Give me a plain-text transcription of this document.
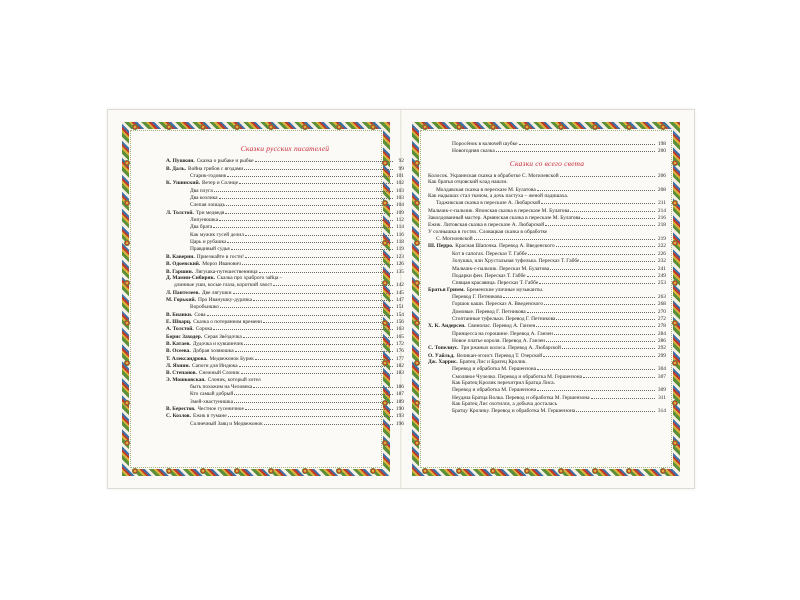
Сказки русских писателей
А. Пушкин. Сказка о рыбаке и рыбке	92
В. Даль. Война грибов с ягодами	99
Старик-годовик	101
К. Ушинский. Ветер и Солнце	102
Два плуга	103
Два козлика	103
Слепая лошадь	104
Л. Толстой. Три медведя	109
Липунюшка	112
Два брата	114
Как мужик гусей делил	116
Царь и рубашка	118
Правдивый судья	119
В. Каверин. Приезжайте в гости!	123
В. Одоевский. Мороз Иванович	126
В. Гаршин. Лягушка-путешественница	135
Д. Мамин-Сибиряк. Сказка про храброго зайца –
длинные уши, косые глаза, короткий хвост	142
Л. Пантелеев. Две лягушки	145
М. Горький. Про Иванушку-дурачка	147
Воробьишко	151
В. Бианки. Сова	154
Е. Шварц. Сказка о потерянном времени	156
А. Толстой. Сорока	163
Борис Заходер. Серая Звёздочка	165
В. Катаев. Дудочка и кувшинчик	172
В. Осеева. Добрая хозяюшка	176
Т. Александрова. Медвежонок Бурик	177
Л. Яхнин. Сапоги для Индюка	182
В. Степанов. Снежный Слоник	183
Э. Мошковская. Слоник, который хотел
быть похожим на Человека	186
Кто самый добрый	187
Змей-хвастунишка	189
В. Берестов. Честное гусеничное	190
С. Козлов. Ёжик в тумане	193
Солнечный Заяц и Медвежонок	196
Поросёнок в колючей шубке	198
Новогодняя сказка	200
Сказки со всего света
Колосок. Украинская сказка в обработке С. Могилевской	206
Как братья отцовский клад нашли.
Молдавская сказка в пересказе М. Булатова	208
Как надышах стал ткачом, а дочь пастуха – женой падишаха.
Таджикская сказка в пересказе А. Любарской	211
Мальчик-с-пальчик. Японская сказка в пересказе М. Булатова	214
Заколдованный мастер. Армянская сказка в пересказе М. Булатова	216
Ёжик. Литовская сказка в пересказе А. Любарской	218
У солнышка в гостях. Словацкая сказка в обработке
С. Могилевской	219
Ш. Перро. Красная Шапочка. Перевод А. Введенского	222
Кот в сапогах. Пересказ Т. Габбе	226
Золушка, или Хрустальная туфелька. Пересказ Т. Габбе	232
Мальчик-с-пальчик. Пересказ М. Булатова	241
Подарки феи. Пересказ Т. Габбе	249
Спящая красавица. Пересказ Т. Габбе	253
Братья Гримм. Бременские уличные музыканты.
Перевод Г. Петникова	263
Горшок каши. Пересказ А. Введенского	268
Домовые. Перевод Г. Петникова	270
Стоптанные туфельки. Перевод Г. Петникова	272
Х. К. Андерсен. Свинопас. Перевод А. Ганзен	278
Принцесса на горошине. Перевод А. Ганзен	284
Новое платье короля. Перевод А. Ганзен	286
С. Топелиус. Три ржаных колоса. Перевод А. Любарской	292
О. Уайльд. Великан-эгоист. Перевод Т. Озерской	299
Дж. Харрис. Братец Лис и Братец Кролик.
Перевод и обработка М. Гершензона	304
Смоляное Чучелко. Перевод и обработка М. Гершензона	307
Как Братец Кролик перехитрил Братца Лиса.
Перевод и обработка М. Гершензона	309
Неудача Братца Волка. Перевод и обработка М. Гершензона	311
Как Братец Лис охотился, а добыча досталась
Братцу Кролику. Перевод и обработка М. Гершензона	314
